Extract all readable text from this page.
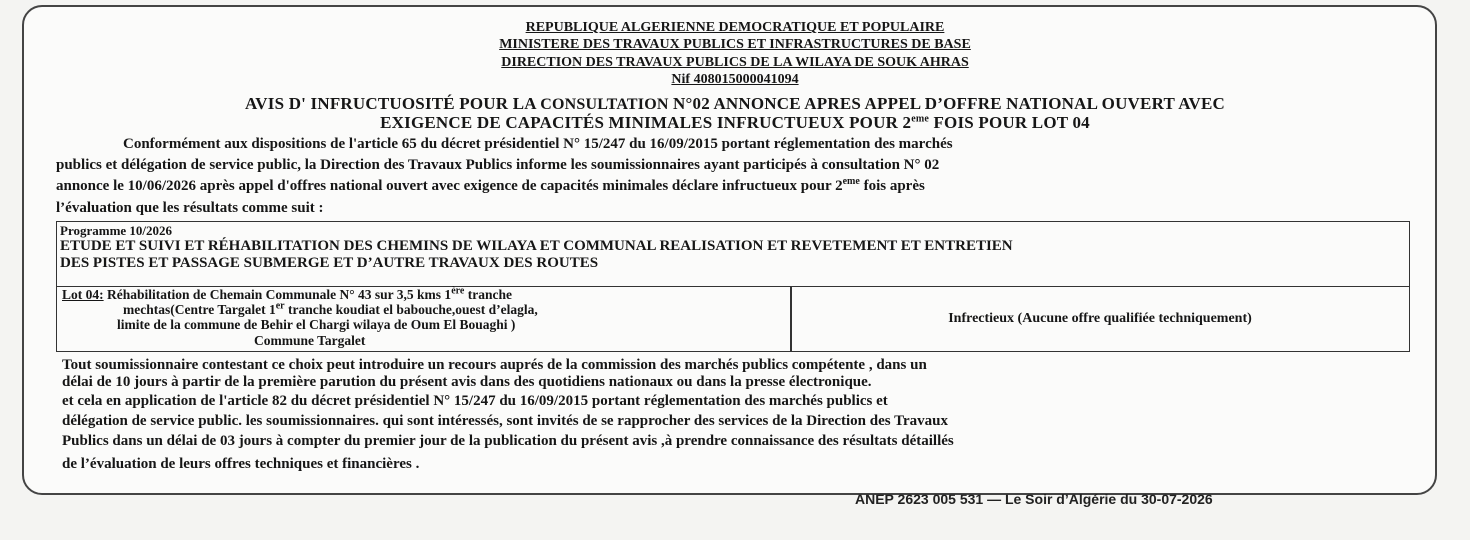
REPUBLIQUE ALGERIENNE DEMOCRATIQUE ET POPULAIRE
MINISTERE DES TRAVAUX PUBLICS ET INFRASTRUCTURES DE BASE
DIRECTION DES TRAVAUX PUBLICS DE LA WILAYA DE SOUK AHRAS
Nif 408015000041094
AVIS D' INFRUCTUOSITÉ POUR LA CONSULTATION N°02 ANNONCE APRES APPEL D’OFFRE NATIONAL OUVERT AVEC
EXIGENCE DE CAPACITÉS MINIMALES INFRUCTUEUX POUR 2eme FOIS POUR LOT 04
Conformément aux dispositions de l'article 65 du décret présidentiel N° 15/247 du 16/09/2015 portant réglementation des marchés
publics et délégation de service public, la Direction des Travaux Publics informe les soumissionnaires ayant participés à consultation N° 02
annonce le 10/06/2026 après appel d'offres national ouvert avec exigence de capacités minimales déclare infructueux pour 2eme fois après
l’évaluation que les résultats comme suit :
Programme 10/2026
ETUDE ET SUIVI ET RÉHABILITATION DES CHEMINS DE WILAYA ET COMMUNAL REALISATION ET REVETEMENT ET ENTRETIEN
DES PISTES ET PASSAGE SUBMERGE ET D’AUTRE TRAVAUX DES ROUTES
Lot 04: Réhabilitation de Chemain Communale N° 43 sur 3,5 kms 1ère tranche
mechtas(Centre Targalet 1er tranche koudiat el babouche,ouest d’elagla,
limite de la commune de Behir el Chargi wilaya de Oum El Bouaghi )
Commune Targalet
Infrectieux (Aucune offre qualifiée techniquement)
Tout soumissionnaire contestant ce choix peut introduire un recours auprés de la commission des marchés publics compétente , dans un
délai de 10 jours à partir de la première parution du présent avis dans des quotidiens nationaux ou dans la presse électronique.
et cela en application de l'article 82 du décret présidentiel N° 15/247 du 16/09/2015 portant réglementation des marchés publics et
délégation de service public. les soumissionnaires. qui sont intéressés, sont invités de se rapprocher des services de la Direction des Travaux
Publics dans un délai de 03 jours à compter du premier jour de la publication du présent avis ,à prendre connaissance des résultats détaillés
de l’évaluation de leurs offres techniques et financières .
ANEP 2623 005 531 — Le Soir d’Algérie du 30-07-2026
